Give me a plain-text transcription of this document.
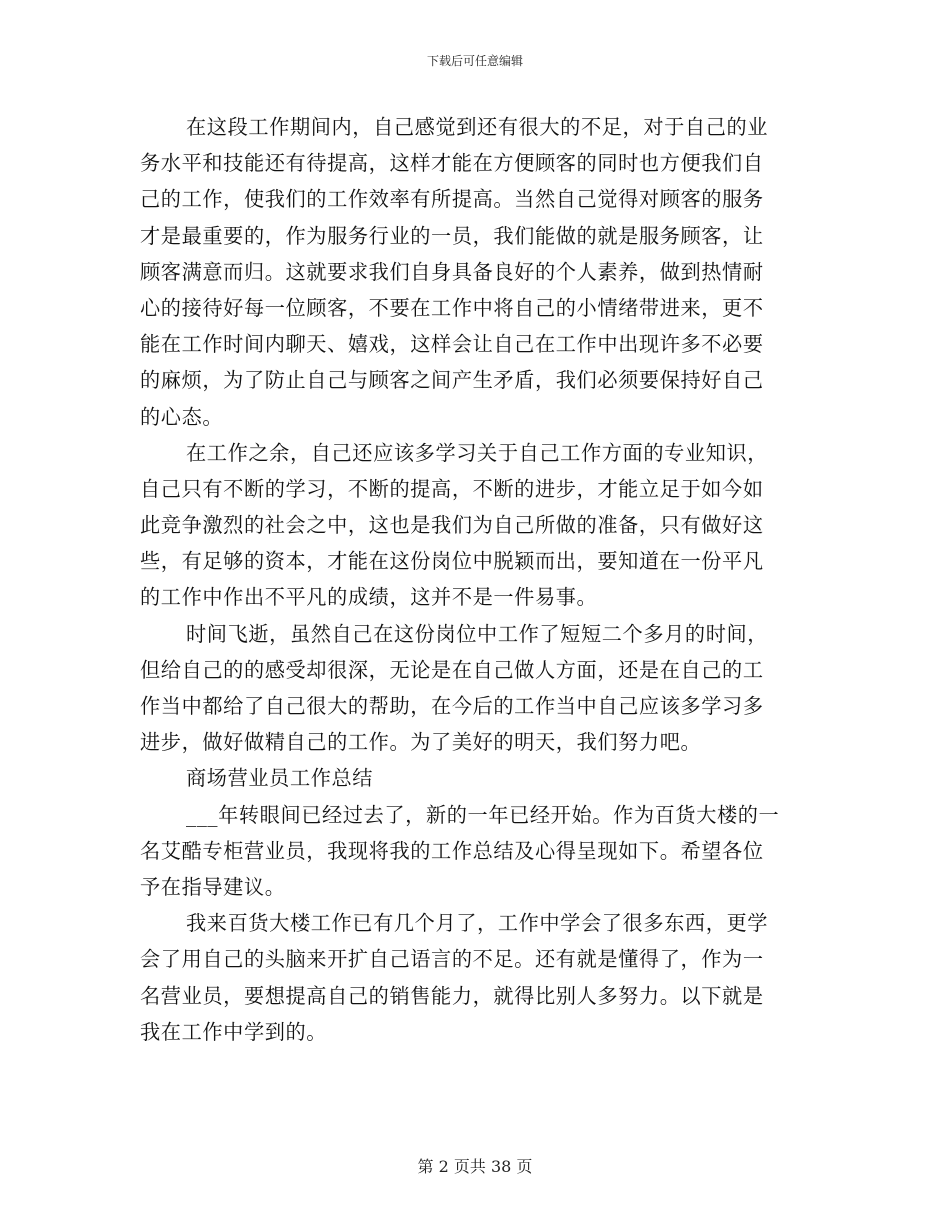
下载后可任意编辑
在这段工作期间内，自己感觉到还有很大的不足，对于自己的业
务水平和技能还有待提高，这样才能在方便顾客的同时也方便我们自
己的工作，使我们的工作效率有所提高。当然自己觉得对顾客的服务
才是最重要的，作为服务行业的一员，我们能做的就是服务顾客，让
顾客满意而归。这就要求我们自身具备良好的个人素养，做到热情耐
心的接待好每一位顾客，不要在工作中将自己的小情绪带进来，更不
能在工作时间内聊天、嬉戏，这样会让自己在工作中出现许多不必要
的麻烦，为了防止自己与顾客之间产生矛盾，我们必须要保持好自己
的心态。
在工作之余，自己还应该多学习关于自己工作方面的专业知识，
自己只有不断的学习，不断的提高，不断的进步，才能立足于如今如
此竞争激烈的社会之中，这也是我们为自己所做的准备，只有做好这
些，有足够的资本，才能在这份岗位中脱颖而出，要知道在一份平凡
的工作中作出不平凡的成绩，这并不是一件易事。
时间飞逝，虽然自己在这份岗位中工作了短短二个多月的时间，
但给自己的的感受却很深，无论是在自己做人方面，还是在自己的工
作当中都给了自己很大的帮助，在今后的工作当中自己应该多学习多
进步，做好做精自己的工作。为了美好的明天，我们努力吧。
商场营业员工作总结
___年转眼间已经过去了，新的一年已经开始。作为百货大楼的一
名艾酷专柜营业员，我现将我的工作总结及心得呈现如下。希望各位
予在指导建议。
我来百货大楼工作已有几个月了，工作中学会了很多东西，更学
会了用自己的头脑来开扩自己语言的不足。还有就是懂得了，作为一
名营业员，要想提高自己的销售能力，就得比别人多努力。以下就是
我在工作中学到的。
第 2 页共 38 页
